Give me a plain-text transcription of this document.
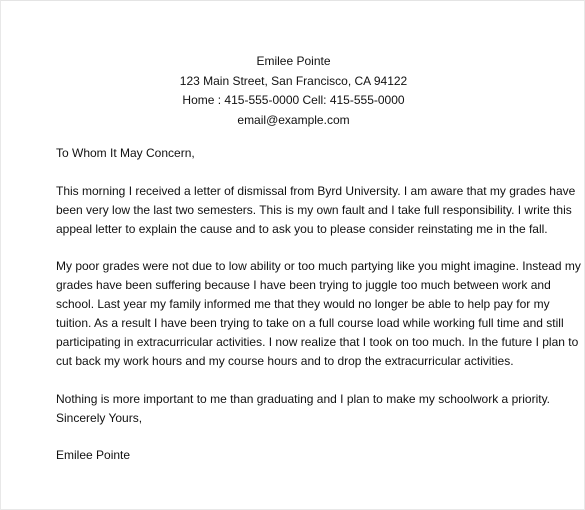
Emilee Pointe
123 Main Street, San Francisco, CA 94122
Home : 415-555-0000 Cell: 415-555-0000
email@example.com

To Whom It May Concern,

This morning I received a letter of dismissal from Byrd University. I am aware that my grades have
been very low the last two semesters. This is my own fault and I take full responsibility. I write this
appeal letter to explain the cause and to ask you to please consider reinstating me in the fall.

My poor grades were not due to low ability or too much partying like you might imagine. Instead my
grades have been suffering because I have been trying to juggle too much between work and
school. Last year my family informed me that they would no longer be able to help pay for my
tuition. As a result I have been trying to take on a full course load while working full time and still
participating in extracurricular activities. I now realize that I took on too much. In the future I plan to
cut back my work hours and my course hours and to drop the extracurricular activities.

Nothing is more important to me than graduating and I plan to make my schoolwork a priority.
Sincerely Yours,

Emilee Pointe
